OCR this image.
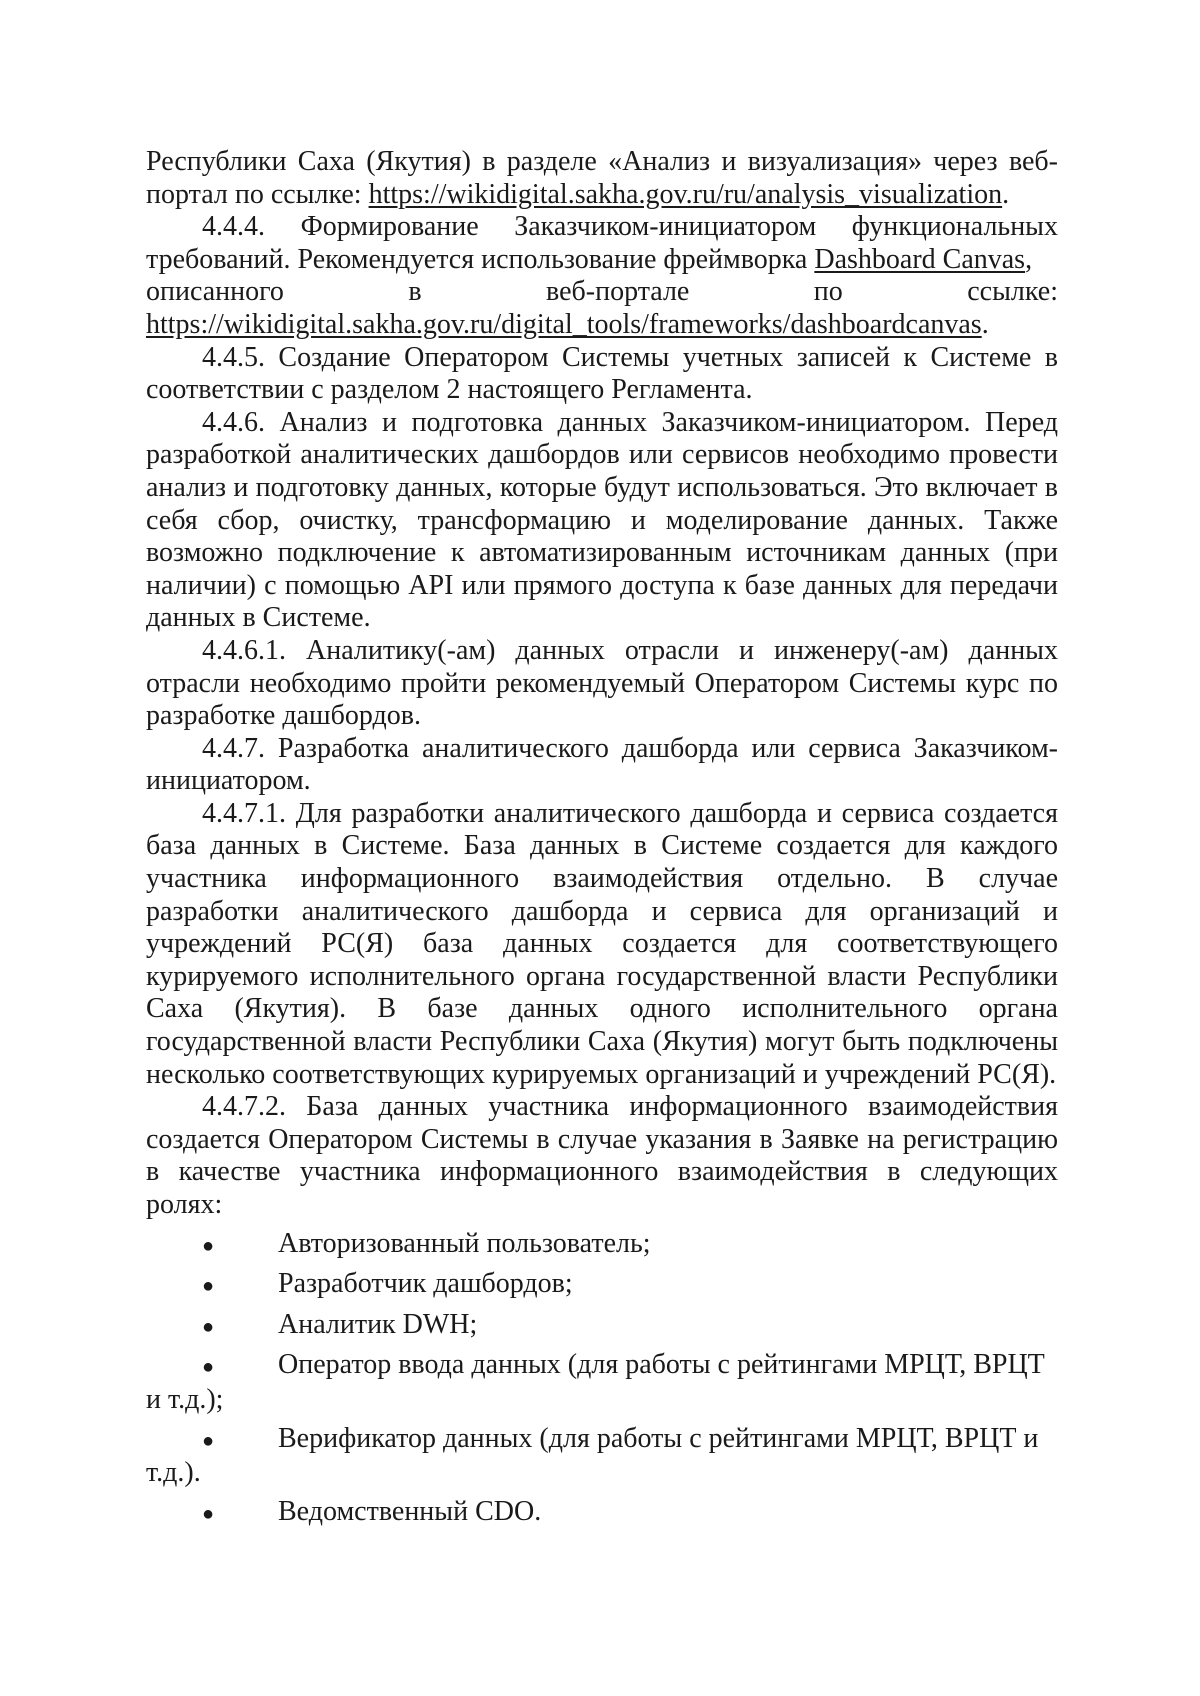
Республики Саха (Якутия) в разделе «Анализ и визуализация» через веб-портал по ссылке: https://wikidigital.sakha.gov.ru/ru/analysis_visualization.

4.4.4. Формирование Заказчиком-инициатором функциональных требований. Рекомендуется использование фреймворка Dashboard Canvas,

описанного	в	веб-портале	по	ссылке:

https://wikidigital.sakha.gov.ru/digital_tools/frameworks/dashboardcanvas.

4.4.5. Создание Оператором Системы учетных записей к Системе в соответствии с разделом 2 настоящего Регламента.

4.4.6. Анализ и подготовка данных Заказчиком-инициатором. Перед разработкой аналитических дашбордов или сервисов необходимо провести анализ и подготовку данных, которые будут использоваться. Это включает в себя сбор, очистку, трансформацию и моделирование данных. Также возможно подключение к автоматизированным источникам данных (при наличии) с помощью API или прямого доступа к базе данных для передачи данных в Системе.

4.4.6.1. Аналитику(-ам) данных отрасли и инженеру(-ам) данных отрасли необходимо пройти рекомендуемый Оператором Системы курс по разработке дашбордов.

4.4.7. Разработка аналитического дашборда или сервиса Заказчиком-инициатором.

4.4.7.1. Для разработки аналитического дашборда и сервиса создается база данных в Системе. База данных в Системе создается для каждого участника информационного взаимодействия отдельно. В случае разработки аналитического дашборда и сервиса для организаций и учреждений РС(Я) база данных создается для соответствующего курируемого исполнительного органа государственной власти Республики Саха (Якутия). В базе данных одного исполнительного органа государственной власти Республики Саха (Якутия) могут быть подключены несколько соответствующих курируемых организаций и учреждений РС(Я).

4.4.7.2. База данных участника информационного взаимодействия создается Оператором Системы в случае указания в Заявке на регистрацию в качестве участника информационного взаимодействия в следующих ролях:

●	Авторизованный пользователь;
●	Разработчик дашбордов;
●	Аналитик DWH;
●	Оператор ввода данных (для работы с рейтингами МРЦТ, ВРЦТ

и т.д.);

●	Верификатор данных (для работы с рейтингами МРЦТ, ВРЦТ и

т.д.).

●	Ведомственный CDO.
